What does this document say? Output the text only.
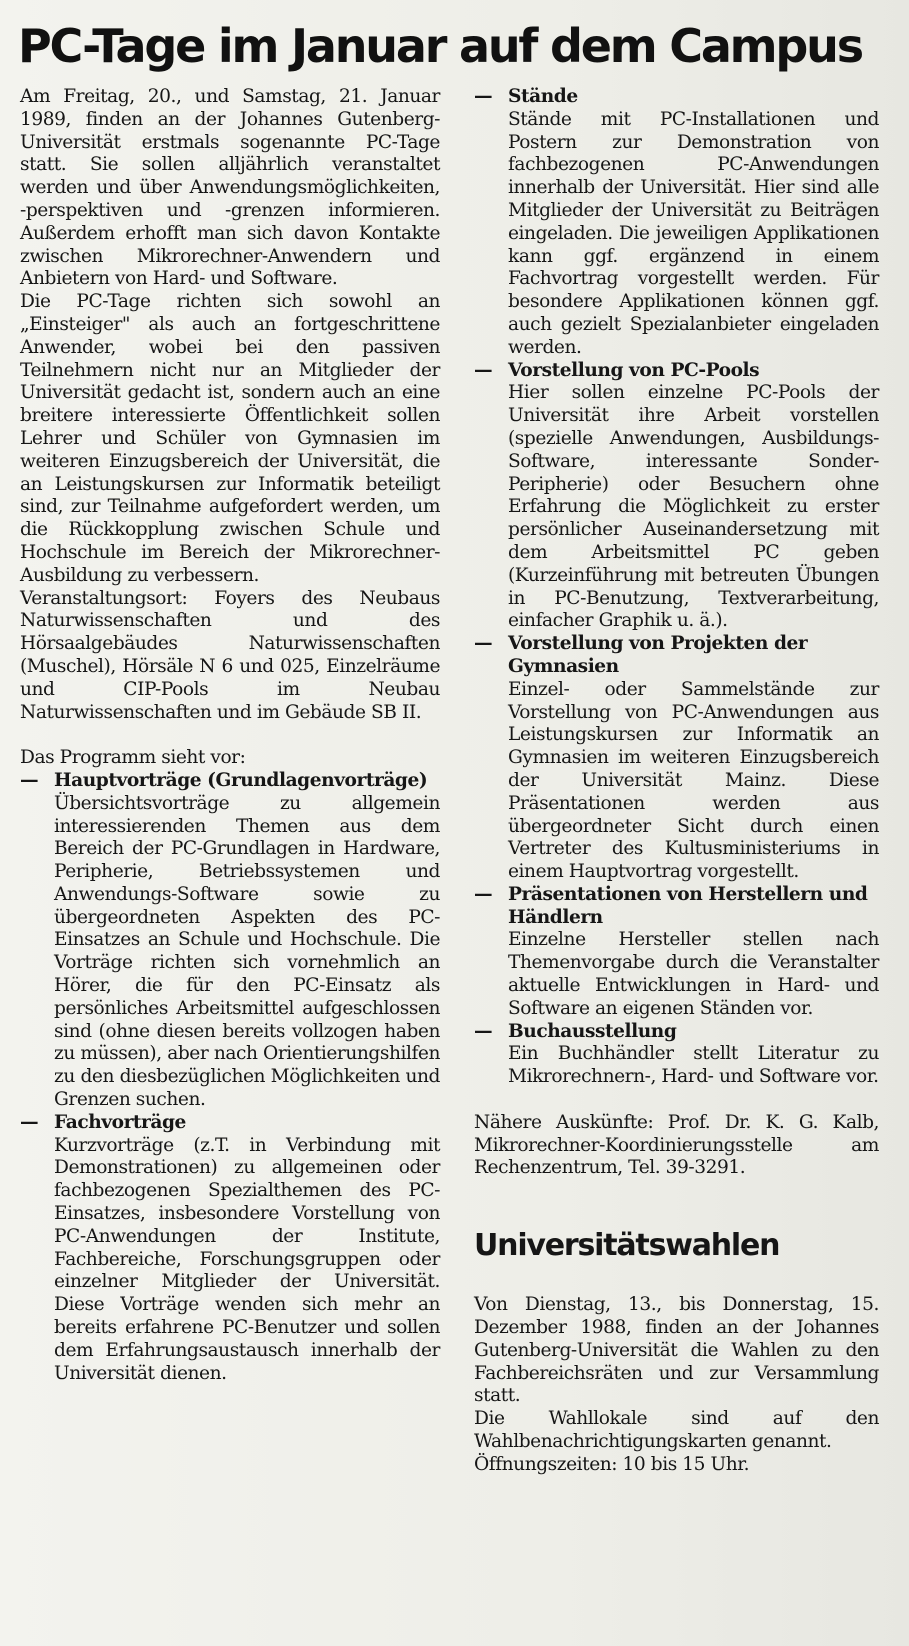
PC-Tage im Januar auf dem Campus

Am Freitag, 20., und Samstag, 21. Januar 1989, finden an der Johannes Gutenberg-Universität erstmals sogenannte PC-Tage statt. Sie sollen alljährlich veranstaltet werden und über Anwendungsmöglichkeiten, -perspektiven und -grenzen informieren. Außerdem erhofft man sich davon Kontakte zwischen Mikrorechner-Anwendern und Anbietern von Hard- und Software.

Die PC-Tage richten sich sowohl an „Einsteiger" als auch an fortgeschrittene Anwender, wobei bei den passiven Teilnehmern nicht nur an Mitglieder der Universität gedacht ist, sondern auch an eine breitere interessierte Öffentlichkeit sollen Lehrer und Schüler von Gymnasien im weiteren Einzugsbereich der Universität, die an Leistungskursen zur Informatik beteiligt sind, zur Teilnahme aufgefordert werden, um die Rückkopplung zwischen Schule und Hochschule im Bereich der Mikrorechner-Ausbildung zu verbessern.

Veranstaltungsort: Foyers des Neubaus Naturwissenschaften und des Hörsaalgebäudes Naturwissenschaften (Muschel), Hörsäle N 6 und 025, Einzelräume und CIP-Pools im Neubau Naturwissenschaften und im Gebäude SB II.

Das Programm sieht vor:

— Hauptvorträge (Grundlagenvorträge)

Übersichtsvorträge zu allgemein interessierenden Themen aus dem Bereich der PC-Grundlagen in Hardware, Peripherie, Betriebssystemen und Anwendungs-Software sowie zu übergeordneten Aspekten des PC-Einsatzes an Schule und Hochschule. Die Vorträge richten sich vornehmlich an Hörer, die für den PC-Einsatz als persönliches Arbeitsmittel aufgeschlossen sind (ohne diesen bereits vollzogen haben zu müssen), aber nach Orientierungshilfen zu den diesbezüglichen Möglichkeiten und Grenzen suchen.

— Fachvorträge

Kurzvorträge (z.T. in Verbindung mit Demonstrationen) zu allgemeinen oder fachbezogenen Spezialthemen des PC-Einsatzes, insbesondere Vorstellung von PC-Anwendungen der Institute, Fachbereiche, Forschungsgruppen oder einzelner Mitglieder der Universität. Diese Vorträge wenden sich mehr an bereits erfahrene PC-Benutzer und sollen dem Erfahrungsaustausch innerhalb der Universität dienen.

— Stände

Stände mit PC-Installationen und Postern zur Demonstration von fachbezogenen PC-Anwendungen innerhalb der Universität. Hier sind alle Mitglieder der Universität zu Beiträgen eingeladen. Die jeweiligen Applikationen kann ggf. ergänzend in einem Fachvortrag vorgestellt werden. Für besondere Applikationen können ggf. auch gezielt Spezialanbieter eingeladen werden.

— Vorstellung von PC-Pools

Hier sollen einzelne PC-Pools der Universität ihre Arbeit vorstellen (spezielle Anwendungen, Ausbildungs-Software, interessante Sonder-Peripherie) oder Besuchern ohne Erfahrung die Möglichkeit zu erster persönlicher Auseinandersetzung mit dem Arbeitsmittel PC geben (Kurzeinführung mit betreuten Übungen in PC-Benutzung, Textverarbeitung, einfacher Graphik u. ä.).

— Vorstellung von Projekten der Gymnasien

Einzel- oder Sammelstände zur Vorstellung von PC-Anwendungen aus Leistungskursen zur Informatik an Gymnasien im weiteren Einzugsbereich der Universität Mainz. Diese Präsentationen werden aus übergeordneter Sicht durch einen Vertreter des Kultusministeriums in einem Hauptvortrag vorgestellt.

— Präsentationen von Herstellern und Händlern

Einzelne Hersteller stellen nach Themenvorgabe durch die Veranstalter aktuelle Entwicklungen in Hard- und Software an eigenen Ständen vor.

— Buchausstellung

Ein Buchhändler stellt Literatur zu Mikrorechnern-, Hard- und Software vor.

Nähere Auskünfte: Prof. Dr. K. G. Kalb, Mikrorechner-Koordinierungsstelle am Rechenzentrum, Tel. 39-3291.

Universitätswahlen

Von Dienstag, 13., bis Donnerstag, 15. Dezember 1988, finden an der Johannes Gutenberg-Universität die Wahlen zu den Fachbereichsräten und zur Versammlung statt.

Die Wahllokale sind auf den Wahlbenachrichtigungskarten genannt.

Öffnungszeiten: 10 bis 15 Uhr.
